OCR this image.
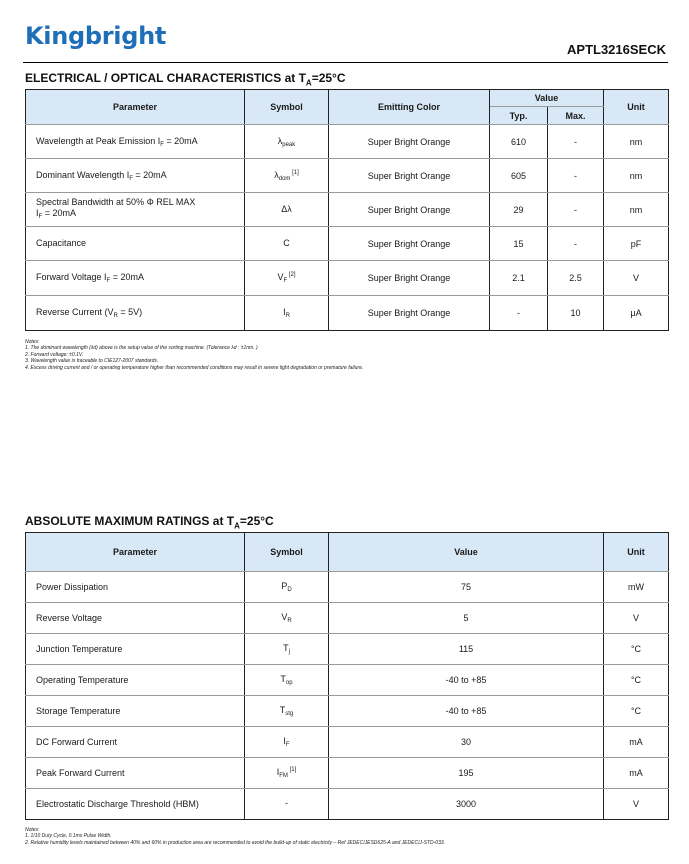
Kingbright	APTL3216SECK
ELECTRICAL / OPTICAL CHARACTERISTICS at $T_A=25^\circ C$
Parameter	Symbol	Emitting Color	Value		Unit
			Typ.	Max.	
Wavelength at Peak Emission $I_F = 20mA$	$\lambda_{peak}$	Super Bright Orange	610	-	nm
Dominant Wavelength $I_F = 20mA$	$\lambda_{dom}$ [1]	Super Bright Orange	605	-	nm

Spectral Bandwidth at 50% Φ REL MAX
$I_F = 20mA$	Δλ	Super Bright Orange	29	-	nm
Capacitance	C	Super Bright Orange	15	-	pF
Forward Voltage $I_F = 20mA$	$V_F$ [2]	Super Bright Orange	2.1	2.5	V
Reverse Current $(V_R = 5V)$	$I_R$	Super Bright Orange	-	10	μA
Notes:
1. The dominant wavelength (λd) above is the setup value of the sorting machine. (Tolerance λd : ±1nm. )
2. Forward voltage: ±0.1V.
3. Wavelength value is traceable to CIE127-2007 standards.
4. Excess driving current and / or operating temperature higher than recommended conditions may result in severe light degradation or premature failure.
ABSOLUTE MAXIMUM RATINGS at $T_A=25^\circ C$
Parameter	Symbol	Value	Unit
Power Dissipation	$P_D$	75	mW
Reverse Voltage	$V_R$	5	V
Junction Temperature	$T_j$	115	°C
Operating Temperature	$T_{op}$	-40 to +85	°C
Storage Temperature	$T_{stg}$	-40 to +85	°C
DC Forward Current	$I_F$	30	mA
Peak Forward Current	$I_{FM}$ [1]	195	mA
Electrostatic Discharge Threshold (HBM)	-	3000	V
Notes:
1. 1/10 Duty Cycle, 0.1ms Pulse Width.
2. Relative humidity levels maintained between 40% and 60% in production area are recommended to avoid the build-up of static electricity – Ref JEDEC/JESD625-A and JEDEC/J-STD-033.
